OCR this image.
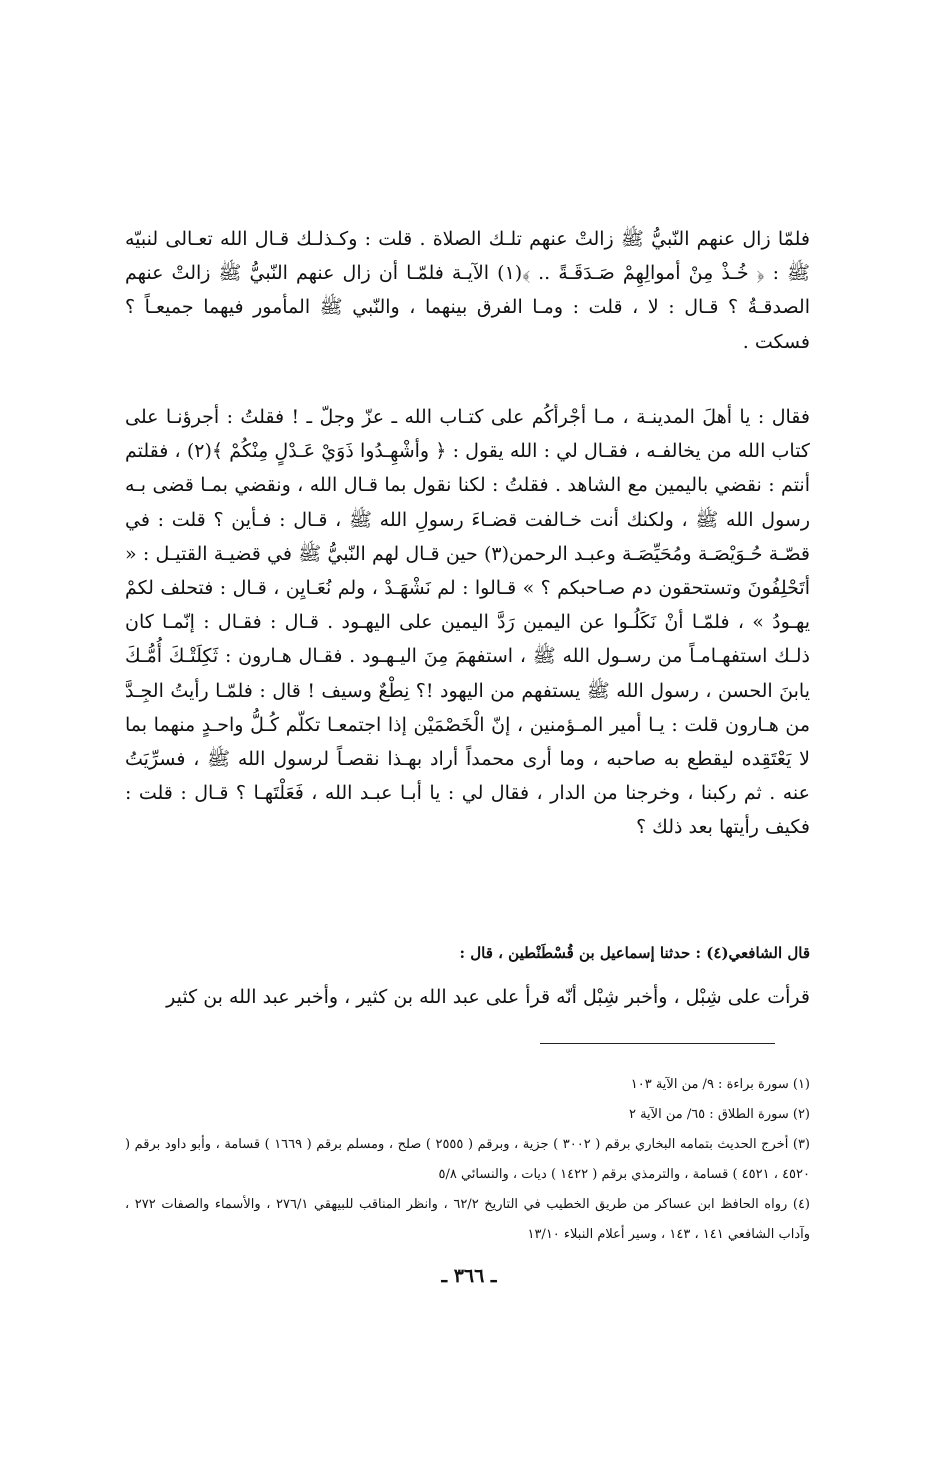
فلمّا زال عنهم النّبيُّ ﷺ زالتْ عنهم تلـك الصلاة . قلت : وكـذلـك قـال الله تعـالى لنبيّه ﷺ : ﴿ خُـذْ مِنْ أموالِهِمْ صَـدَقَـةً .. ﴾(١) الآيـة فلمّـا أن زال عنهم النّبيُّ ﷺ زالتْ عنهم الصدقـةُ ؟ قـال : لا ، قلت : ومـا الفرق بينهما ، والنّبي ﷺ المأمور فيهما جميعـاً ؟ فسكت .

فقال : يا أهلَ المدينـة ، مـا أجْرأكُم على كتـاب الله ـ عزّ وجلّ ـ ! فقلتُ : أجرؤنـا على كتاب الله من يخالفـه ، فقـال لي : الله يقول : ﴿ وأشْهِـدُوا ذَوَيْ عَـدْلٍ مِنْكُمْ ﴾(٢) ، فقلتم أنتم : نقضي باليمين مع الشاهد . فقلتُ : لكنا نقول بما قـال الله ، ونقضي بمـا قضى بـه رسول الله ﷺ ، ولكنك أنت خـالفت قضـاءَ رسولِ الله ﷺ ، قـال : فـأين ؟ قلت : في قصّـة حُـوَيْصَـة ومُحَيِّصَـة وعبـد الرحمن(٣) حين قـال لهم النّبيُّ ﷺ في قضيـة القتيـل : « أتَحْلِفُونَ وتستحقون دم صـاحبكم ؟ » قـالوا : لم نَشْهَـدْ ، ولم نُعَـايِن ، قـال : فتحلف لكمْ يهـودُ » ، فلمّـا أنْ نَكَلُـوا عن اليمين رَدَّ اليمين على اليهـود . قـال : فقـال : إنّمـا كان ذلـك استفهـامـاً من رسـول الله ﷺ ، استفهمَ مِنَ اليـهـود . فقـال هـارون : ثَكِلَتْـكَ أُمُّـكَ يابنَ الحسن ، رسول الله ﷺ يستفهم من اليهود !؟ نِطْعٌ وسيف ! قال : فلمّـا رأيتُ الجِـدَّ من هـارون قلت : يـا أمير المـؤمنين ، إنّ الْخَصْمَيْن إذا اجتمعـا تكلّم كُـلُّ واحـدٍ منهما بما لا يَعْتَقِده ليقطع به صاحبه ، وما أرى محمداً أراد بهـذا نقصـاً لرسول الله ﷺ ، فسرِّيَتُ عنه . ثم ركبنا ، وخرجنا من الدار ، فقال لي : يا أبـا عبـد الله ، فَعَلْتَهـا ؟ قـال : قلت : فكيف رأيتها بعد ذلك ؟

قال الشافعي(٤) : حدثنا إسماعيل بن قُسْطَنْطين ، قال :

قرأت على شِبْل ، وأخبر شِبْل أنّه قرأ على عبد الله بن كثير ، وأخبر عبد الله بن كثير

(١) سورة براءة : ٩/ من الآية ١٠٣

(٢) سورة الطلاق : ٦٥/ من الآية ٢

(٣) أخرج الحديث بتمامه البخاري برقم ( ٣٠٠٢ ) جزية ، وبرقم ( ٢٥٥٥ ) صلح ، ومسلم برقم ( ١٦٦٩ ) قسامة ، وأبو داود برقم ( ٤٥٢٠ ، ٤٥٢١ ) قسامة ، والترمذي برقم ( ١٤٢٢ ) ديات ، والنسائي ٥/٨

(٤) رواه الحافظ ابن عساكر من طريق الخطيب في التاريخ ٦٢/٢ ، وانظر المناقب للبيهقي ٢٧٦/١ ، والأسماء والصفات ٢٧٢ ، وآداب الشافعي ١٤١ ، ١٤٣ ، وسير أعلام النبلاء ١٣/١٠

ـ ٣٦٦ ـ
